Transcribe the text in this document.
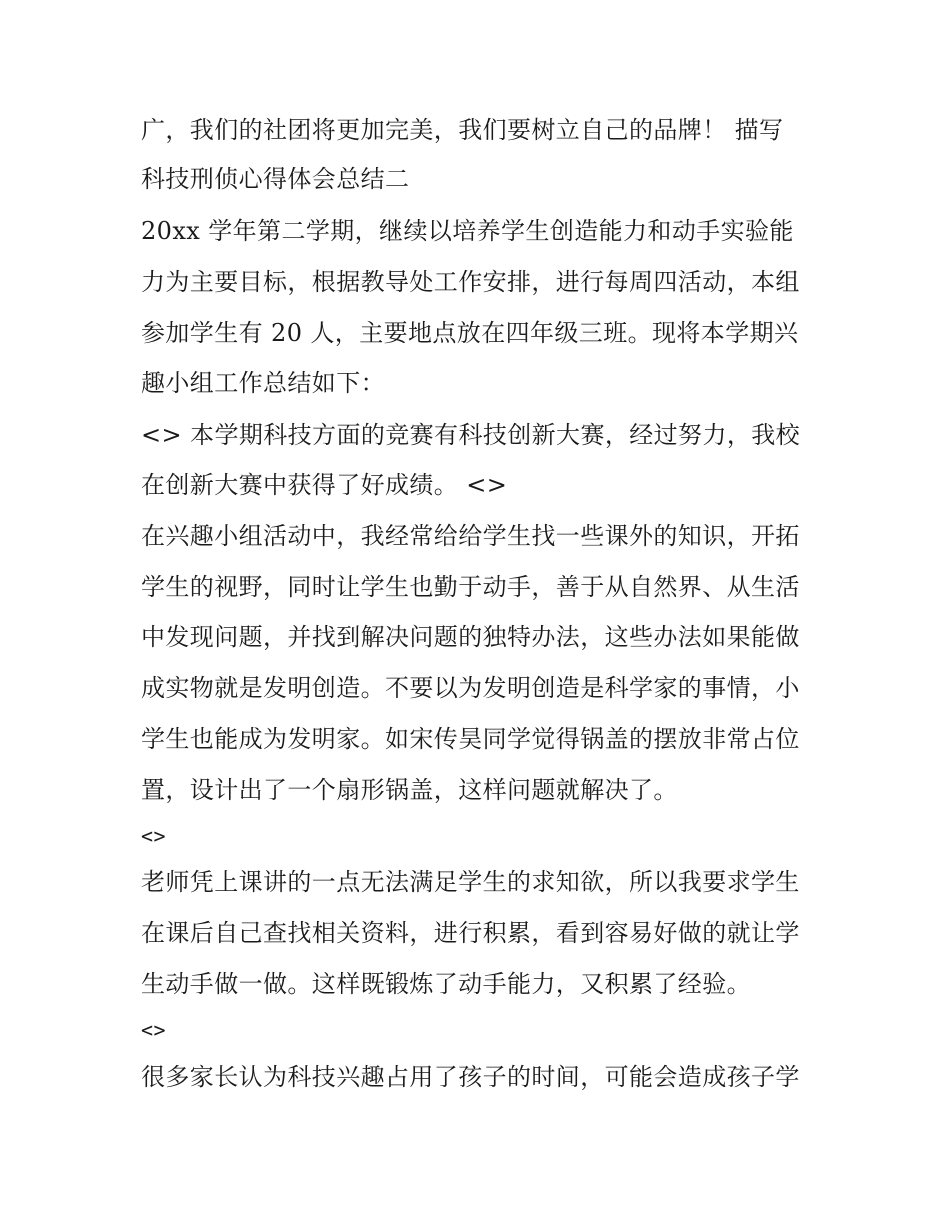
广，我们的社团将更加完美，我们要树立自己的品牌！ 描写
科技刑侦心得体会总结二
20xx 学年第二学期，继续以培养学生创造能力和动手实验能
力为主要目标，根据教导处工作安排，进行每周四活动，本组
参加学生有 20 人，主要地点放在四年级三班。现将本学期兴
趣小组工作总结如下：
<> 本学期科技方面的竞赛有科技创新大赛，经过努力，我校
在创新大赛中获得了好成绩。 <>
在兴趣小组活动中，我经常给给学生找一些课外的知识，开拓
学生的视野，同时让学生也勤于动手，善于从自然界、从生活
中发现问题，并找到解决问题的独特办法，这些办法如果能做
成实物就是发明创造。不要以为发明创造是科学家的事情，小
学生也能成为发明家。如宋传昊同学觉得锅盖的摆放非常占位
置，设计出了一个扇形锅盖，这样问题就解决了。
<>
老师凭上课讲的一点无法满足学生的求知欲，所以我要求学生
在课后自己查找相关资料，进行积累，看到容易好做的就让学
生动手做一做。这样既锻炼了动手能力，又积累了经验。
<>
很多家长认为科技兴趣占用了孩子的时间，可能会造成孩子学
